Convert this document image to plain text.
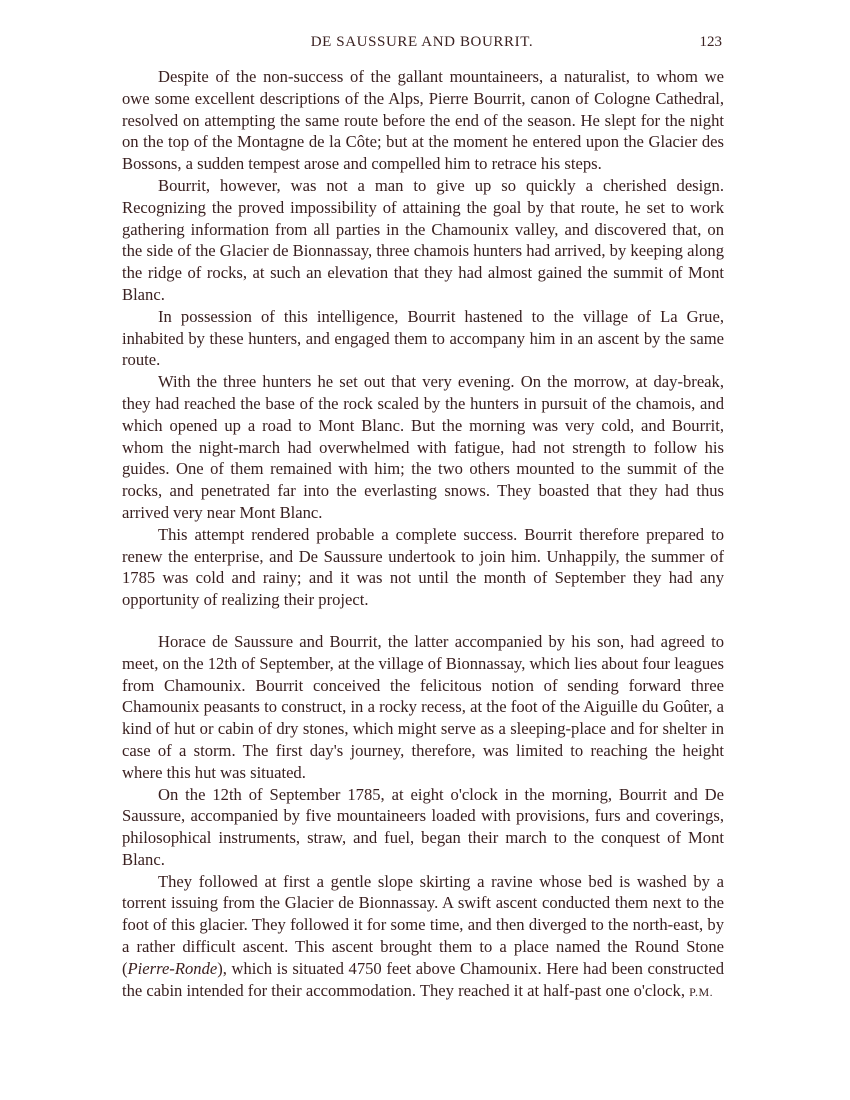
DE SAUSSURE AND BOURRIT.	123

Despite of the non-success of the gallant mountaineers, a naturalist, to whom we owe some excellent descriptions of the Alps, Pierre Bourrit, canon of Cologne Cathedral, resolved on attempting the same route before the end of the season. He slept for the night on the top of the Montagne de la Côte; but at the moment he entered upon the Glacier des Bossons, a sudden tempest arose and compelled him to retrace his steps.

Bourrit, however, was not a man to give up so quickly a cherished design. Recognizing the proved impossibility of attaining the goal by that route, he set to work gathering information from all parties in the Chamounix valley, and discovered that, on the side of the Glacier de Bionnassay, three chamois hunters had arrived, by keeping along the ridge of rocks, at such an elevation that they had almost gained the summit of Mont Blanc.

In possession of this intelligence, Bourrit hastened to the village of La Grue, inhabited by these hunters, and engaged them to accompany him in an ascent by the same route.

With the three hunters he set out that very evening. On the morrow, at day-break, they had reached the base of the rock scaled by the hunters in pursuit of the chamois, and which opened up a road to Mont Blanc. But the morning was very cold, and Bourrit, whom the night-march had overwhelmed with fatigue, had not strength to follow his guides. One of them remained with him; the two others mounted to the summit of the rocks, and penetrated far into the everlasting snows. They boasted that they had thus arrived very near Mont Blanc.

This attempt rendered probable a complete success. Bourrit therefore prepared to renew the enterprise, and De Saussure undertook to join him. Unhappily, the summer of 1785 was cold and rainy; and it was not until the month of September they had any opportunity of realizing their project.

Horace de Saussure and Bourrit, the latter accompanied by his son, had agreed to meet, on the 12th of September, at the village of Bionnassay, which lies about four leagues from Chamounix. Bourrit conceived the felicitous notion of sending forward three Chamounix peasants to construct, in a rocky recess, at the foot of the Aiguille du Goûter, a kind of hut or cabin of dry stones, which might serve as a sleeping-place and for shelter in case of a storm. The first day's journey, therefore, was limited to reaching the height where this hut was situated.

On the 12th of September 1785, at eight o'clock in the morning, Bourrit and De Saussure, accompanied by five mountaineers loaded with provisions, furs and coverings, philosophical instruments, straw, and fuel, began their march to the conquest of Mont Blanc.

They followed at first a gentle slope skirting a ravine whose bed is washed by a torrent issuing from the Glacier de Bionnassay. A swift ascent conducted them next to the foot of this glacier. They followed it for some time, and then diverged to the north-east, by a rather difficult ascent. This ascent brought them to a place named the Round Stone (Pierre-Ronde), which is situated 4750 feet above Chamounix. Here had been constructed the cabin intended for their accommodation. They reached it at half-past one o'clock, P.M.
